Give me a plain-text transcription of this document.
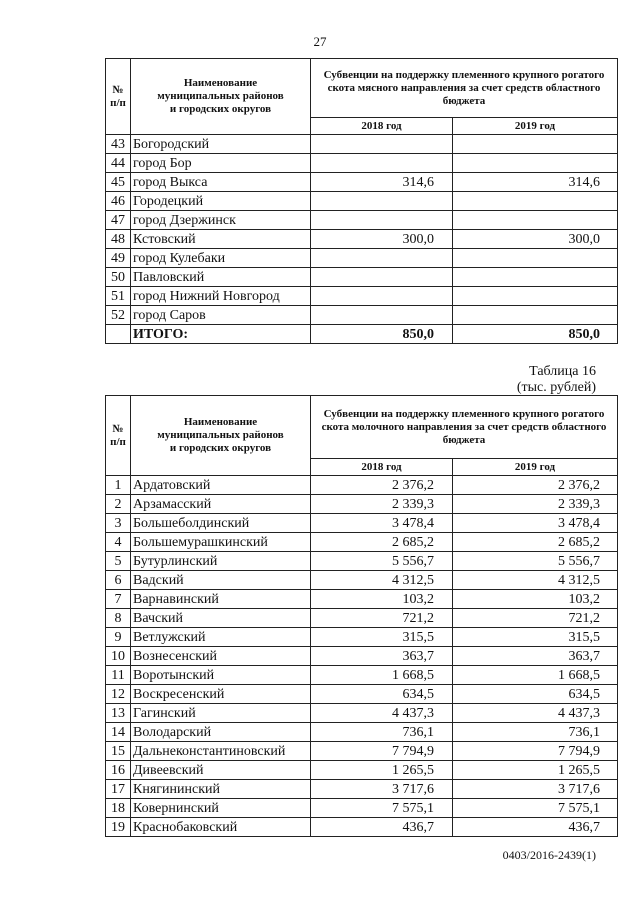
27
№
п/п	Наименование
муниципальных районов
и городских округов	Субвенции на поддержку племенного крупного рогатого скота мясного направления за счет средств областного бюджета	
		2018 год	2019 год
43	Богородский		
44	город Бор		
45	город Выкса	314,6	314,6
46	Городецкий		
47	город Дзержинск		
48	Кстовский	300,0	300,0
49	город Кулебаки		
50	Павловский		
51	город Нижний Новгород		
52	город Саров		
	ИТОГО:	850,0	850,0
Таблица 16
(тыс. рублей)
№
п/п	Наименование
муниципальных районов
и городских округов	Субвенции на поддержку племенного крупного рогатого скота молочного направления за счет средств областного бюджета	
		2018 год	2019 год
1	Ардатовский	2 376,2	2 376,2
2	Арзамасский	2 339,3	2 339,3
3	Большеболдинский	3 478,4	3 478,4
4	Большемурашкинский	2 685,2	2 685,2
5	Бутурлинский	5 556,7	5 556,7
6	Вадский	4 312,5	4 312,5
7	Варнавинский	103,2	103,2
8	Вачский	721,2	721,2
9	Ветлужский	315,5	315,5
10	Вознесенский	363,7	363,7
11	Воротынский	1 668,5	1 668,5
12	Воскресенский	634,5	634,5
13	Гагинский	4 437,3	4 437,3
14	Володарский	736,1	736,1
15	Дальнеконстантиновский	7 794,9	7 794,9
16	Дивеевский	1 265,5	1 265,5
17	Княгининский	3 717,6	3 717,6
18	Ковернинский	7 575,1	7 575,1
19	Краснобаковский	436,7	436,7
0403/2016-2439(1)
